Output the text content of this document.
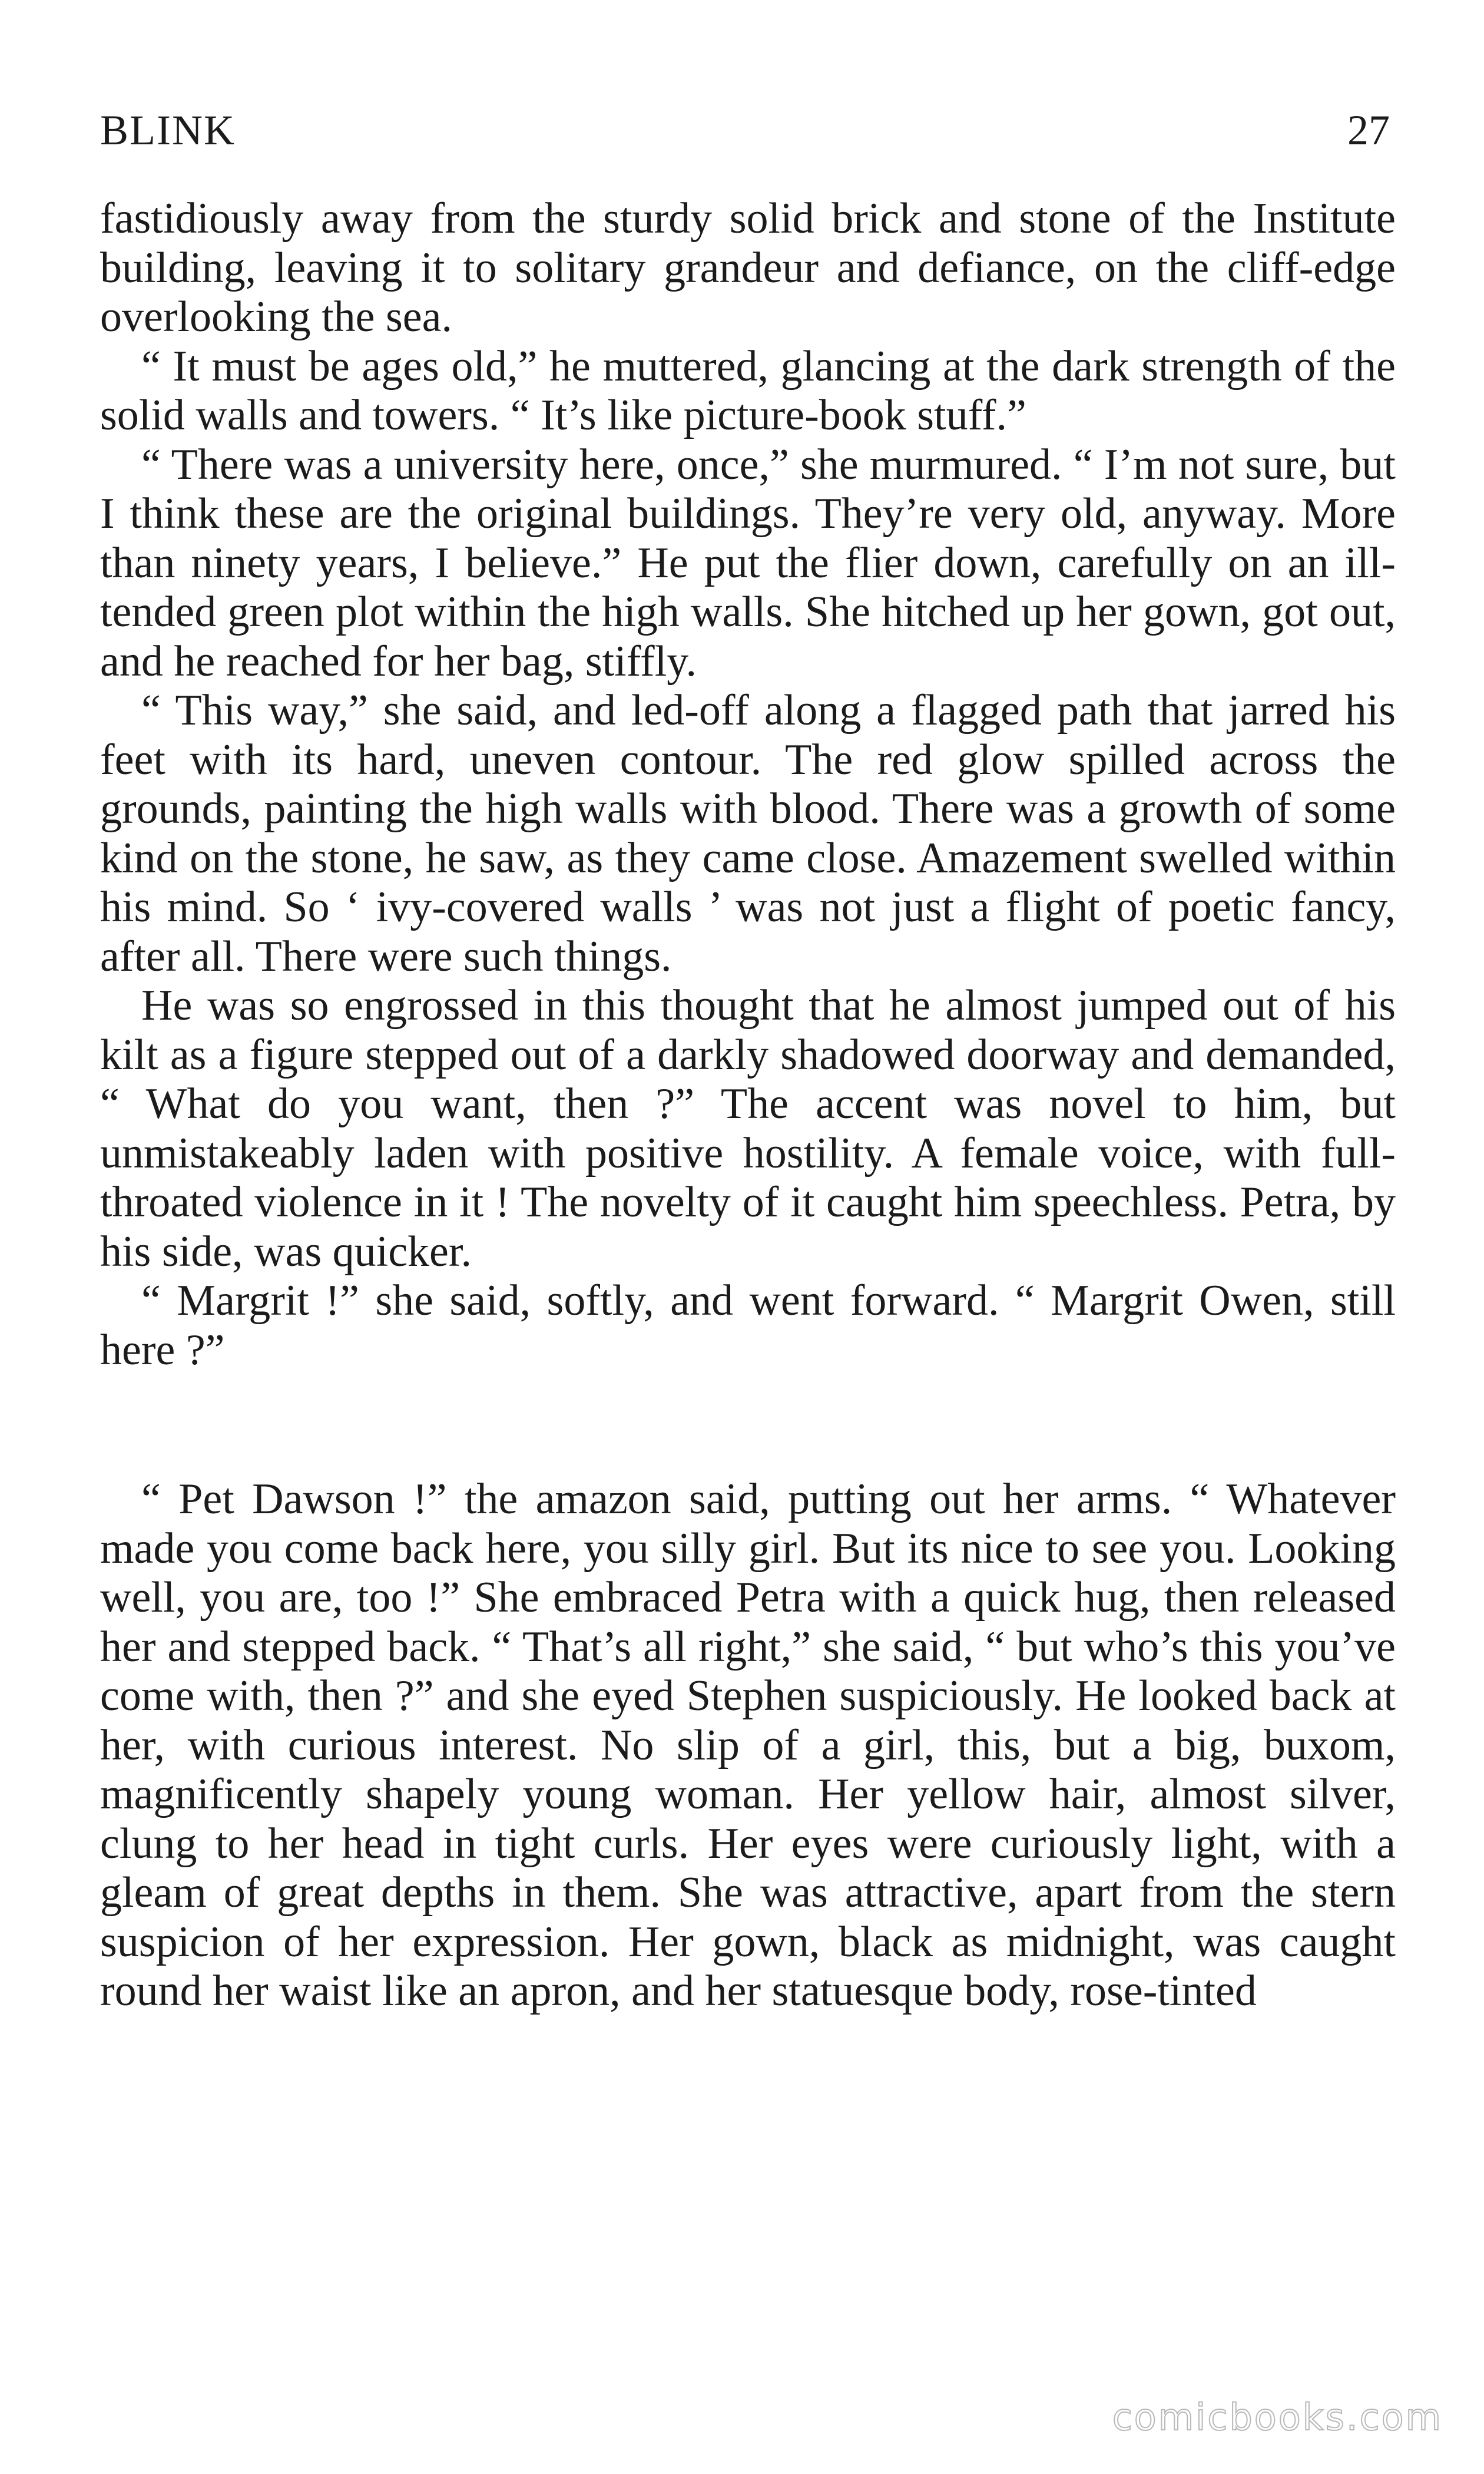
BLINK	27

fastidiously away from the sturdy solid brick and stone of the Institute building, leaving it to solitary grandeur and defiance, on the cliff-edge overlooking the sea.

“ It must be ages old,” he muttered, glancing at the dark strength of the solid walls and towers. “ It’s like picture-book stuff.”

“ There was a university here, once,” she murmured. “ I’m not sure, but I think these are the original buildings. They’re very old, anyway. More than ninety years, I believe.” He put the flier down, carefully on an ill-tended green plot within the high walls. She hitched up her gown, got out, and he reached for her bag, stiffly.

“ This way,” she said, and led-off along a flagged path that jarred his feet with its hard, uneven contour. The red glow spilled across the grounds, painting the high walls with blood. There was a growth of some kind on the stone, he saw, as they came close. Amazement swelled within his mind. So ‘ ivy-covered walls ’ was not just a flight of poetic fancy, after all. There were such things.

He was so engrossed in this thought that he almost jumped out of his kilt as a figure stepped out of a darkly shadowed doorway and demanded, “ What do you want, then ?” The accent was novel to him, but unmistakeably laden with positive hostility. A female voice, with full-throated violence in it ! The novelty of it caught him speechless. Petra, by his side, was quicker.

“ Margrit !” she said, softly, and went forward. “ Margrit Owen, still here ?”

“ Pet Dawson !” the amazon said, putting out her arms. “ Whatever made you come back here, you silly girl. But its nice to see you. Looking well, you are, too !” She embraced Petra with a quick hug, then released her and stepped back. “ That’s all right,” she said, “ but who’s this you’ve come with, then ?” and she eyed Stephen suspiciously. He looked back at her, with curious interest. No slip of a girl, this, but a big, buxom, magnificently shapely young woman. Her yellow hair, almost silver, clung to her head in tight curls. Her eyes were curiously light, with a gleam of great depths in them. She was attractive, apart from the stern suspicion of her expression. Her gown, black as midnight, was caught round her waist like an apron, and her statuesque body, rose-tinted

comicbooks.com
